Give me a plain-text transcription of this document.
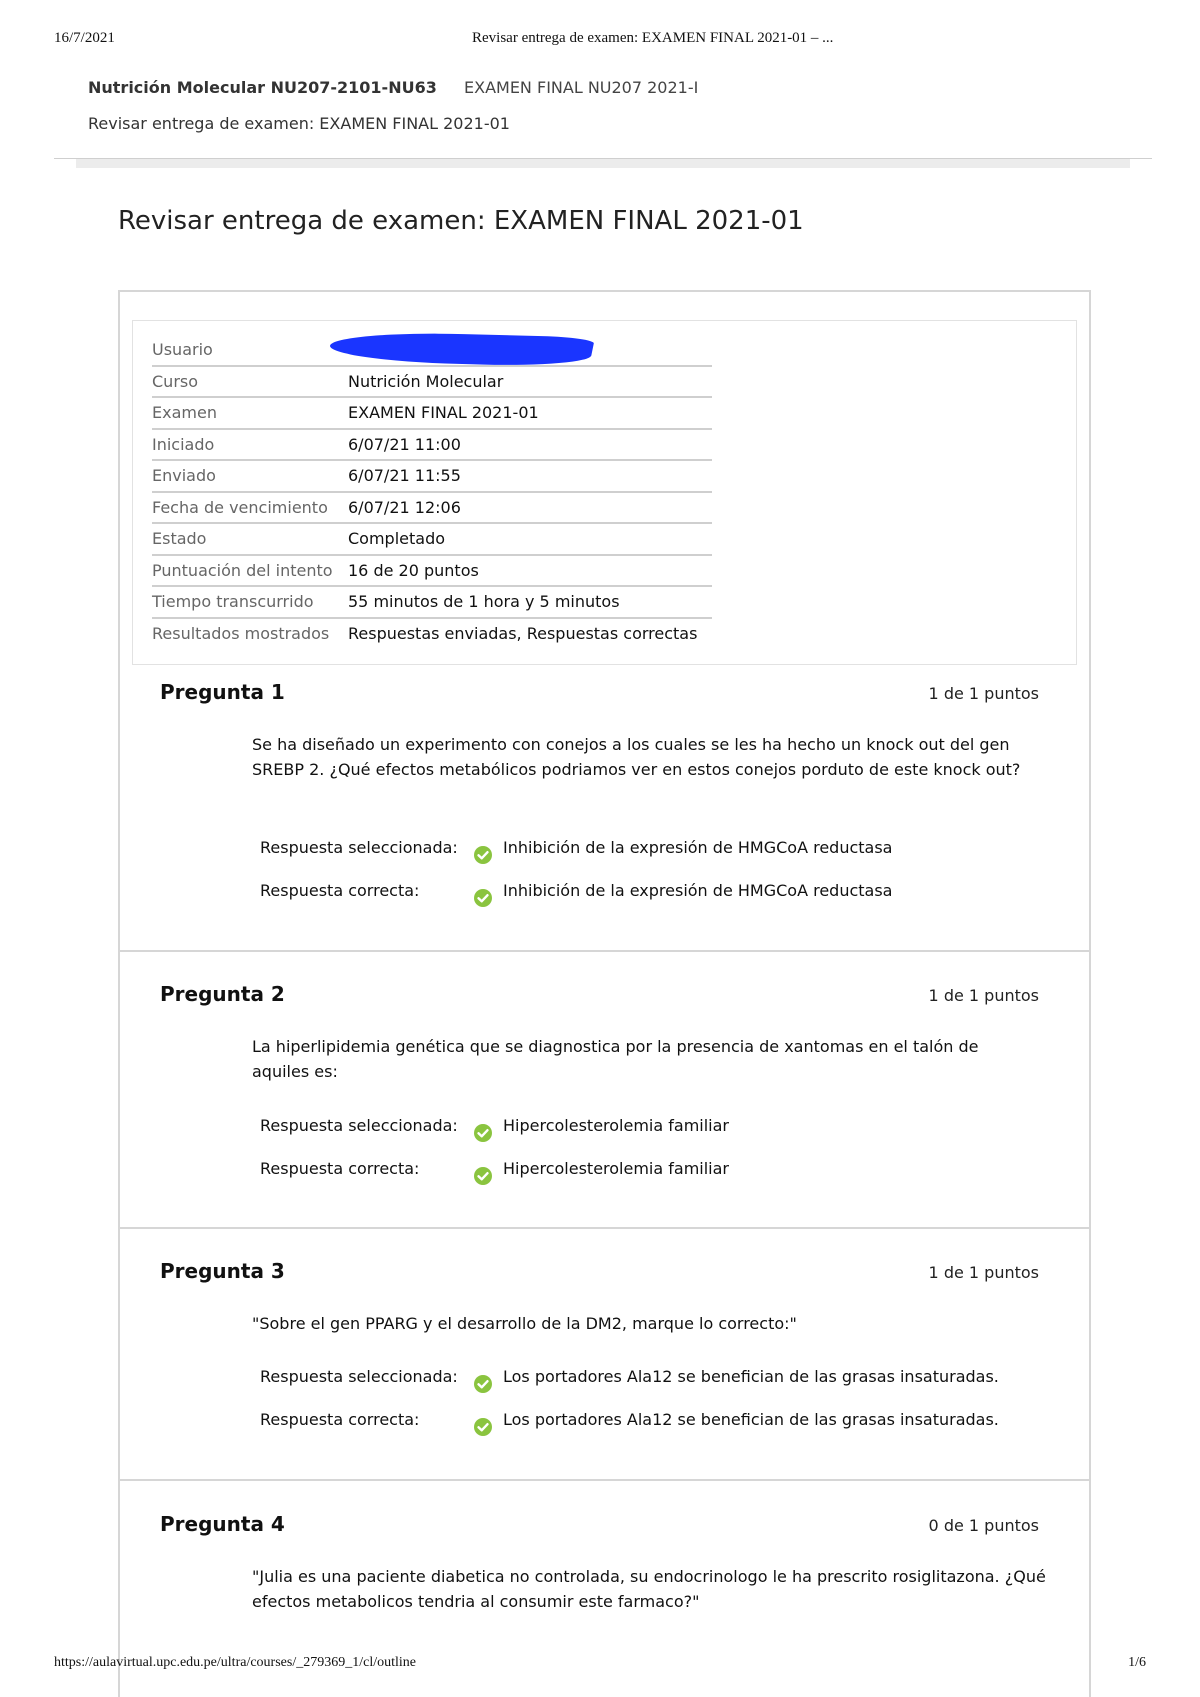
16/7/2021	Revisar entrega de examen: EXAMEN FINAL 2021-01 – ...
Nutrición Molecular NU207-2101-NU63 EXAMEN FINAL NU207 2021-I
Revisar entrega de examen: EXAMEN FINAL 2021-01
Revisar entrega de examen: EXAMEN FINAL 2021-01
Usuario	
Curso	Nutrición Molecular
Examen	EXAMEN FINAL 2021-01
Iniciado	6/07/21 11:00
Enviado	6/07/21 11:55
Fecha de vencimiento	6/07/21 12:06
Estado	Completado
Puntuación del intento	16 de 20 puntos
Tiempo transcurrido	55 minutos de 1 hora y 5 minutos
Resultados mostrados	Respuestas enviadas, Respuestas correctas
Pregunta 1	1 de 1 puntos
Se ha diseñado un experimento con conejos a los cuales se les ha hecho un knock out del gen SREBP 2. ¿Qué efectos metabólicos podriamos ver en estos conejos porduto de este knock out?
Respuesta seleccionada:	Inhibición de la expresión de HMGCoA reductasa
Respuesta correcta:	Inhibición de la expresión de HMGCoA reductasa
Pregunta 2	1 de 1 puntos
La hiperlipidemia genética que se diagnostica por la presencia de xantomas en el talón de aquiles es:
Respuesta seleccionada:	Hipercolesterolemia familiar
Respuesta correcta:	Hipercolesterolemia familiar
Pregunta 3	1 de 1 puntos
"Sobre el gen PPARG y el desarrollo de la DM2, marque lo correcto:"
Respuesta seleccionada:	Los portadores Ala12 se benefician de las grasas insaturadas.
Respuesta correcta:	Los portadores Ala12 se benefician de las grasas insaturadas.
Pregunta 4	0 de 1 puntos
"Julia es una paciente diabetica no controlada, su endocrinologo le ha prescrito rosiglitazona. ¿Qué efectos metabolicos tendria al consumir este farmaco?"
https://aulavirtual.upc.edu.pe/ultra/courses/_279369_1/cl/outline	1/6
